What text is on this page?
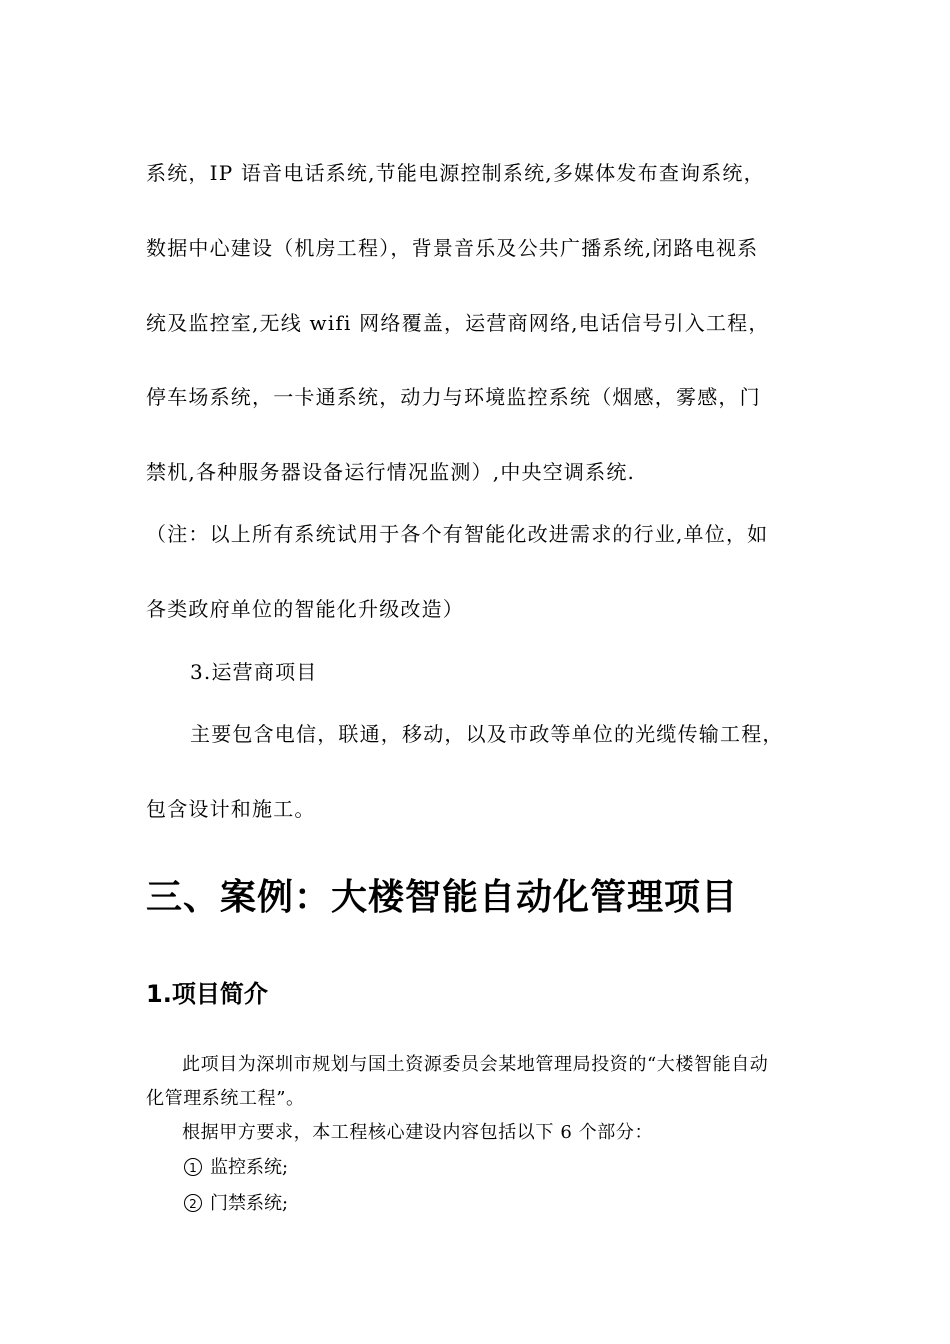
系统，IP 语音电话系统,节能电源控制系统,多媒体发布查询系统，
数据中心建设（机房工程），背景音乐及公共广播系统,闭路电视系
统及监控室,无线 wifi 网络覆盖，运营商网络,电话信号引入工程，
停车场系统，一卡通系统，动力与环境监控系统（烟感，雾感，门
禁机,各种服务器设备运行情况监测）,中央空调系统.
（注：以上所有系统试用于各个有智能化改进需求的行业,单位，如
各类政府单位的智能化升级改造）
3.运营商项目
主要包含电信，联通，移动，以及市政等单位的光缆传输工程，
包含设计和施工。
三、案例：大楼智能自动化管理项目
1.项目简介
此项目为深圳市规划与国土资源委员会某地管理局投资的“大楼智能自动
化管理系统工程”。
根据甲方要求，本工程核心建设内容包括以下 6 个部分：
1 监控系统;
2 门禁系统;
